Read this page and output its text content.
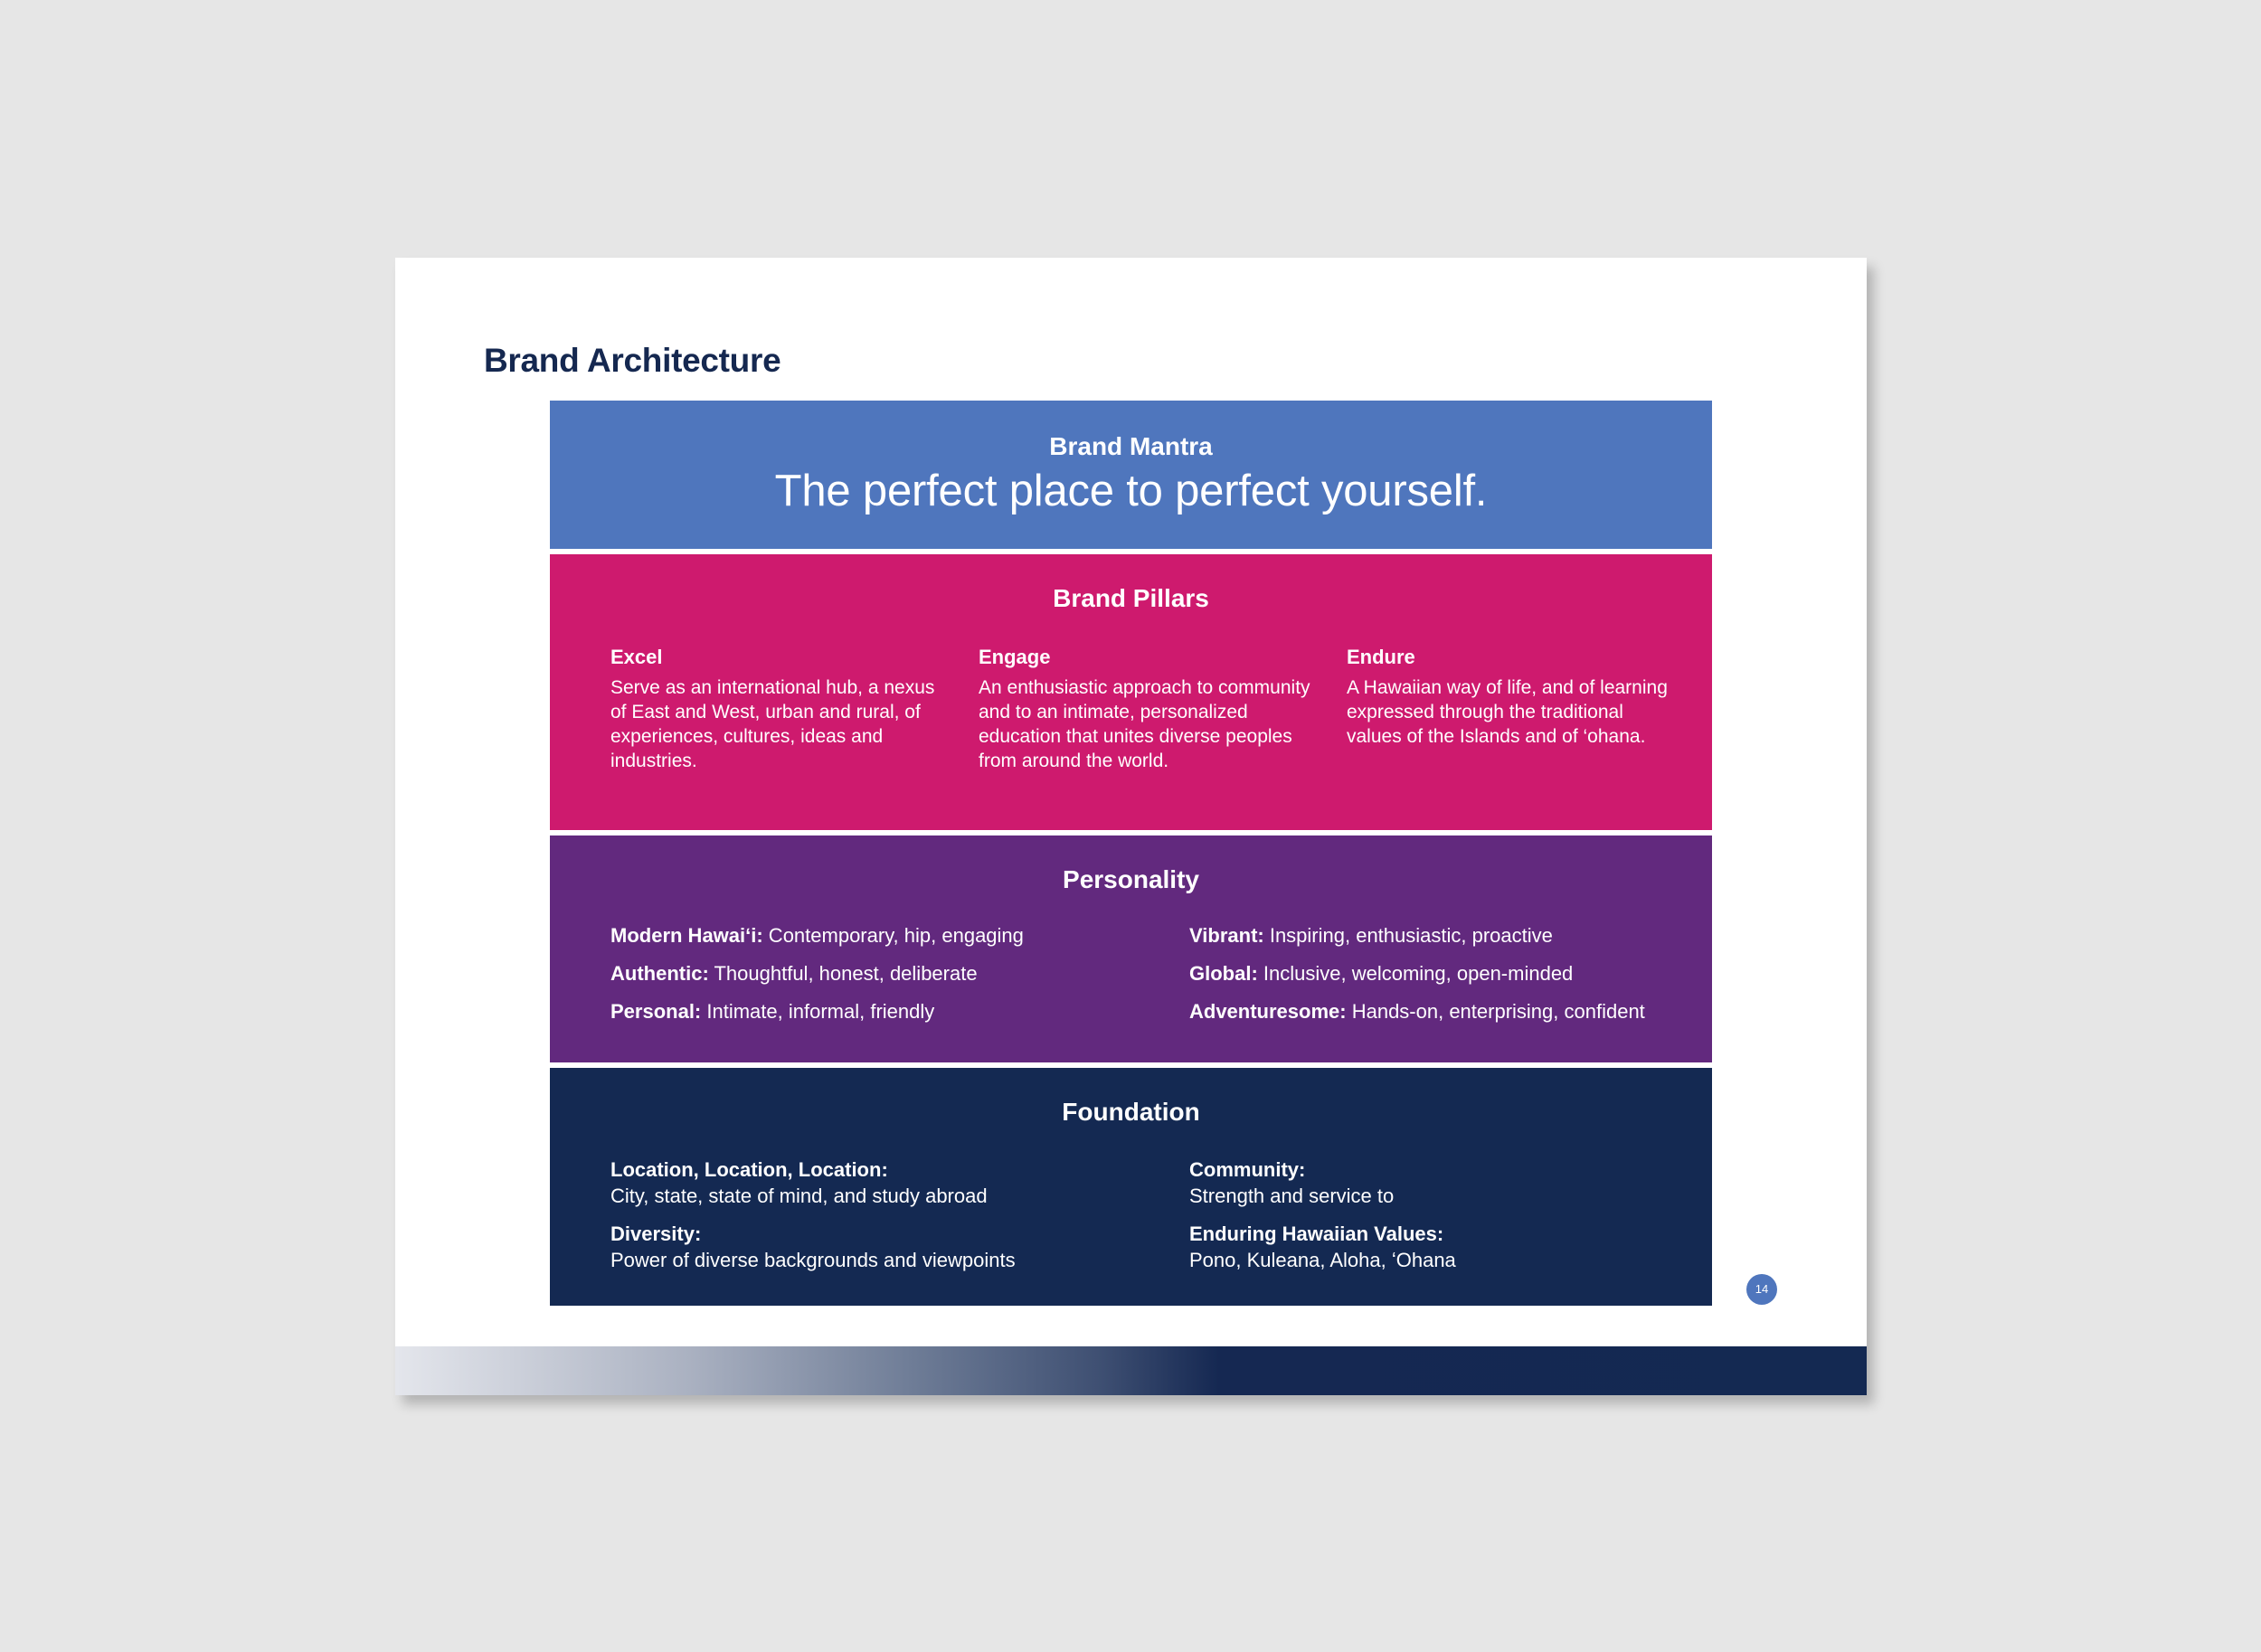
Brand Architecture
Brand Mantra

The perfect place to perfect yourself.

Brand Pillars
Excel

Serve as an international hub, a nexus of East and West, urban and rural, of experiences, cultures, ideas and industries.

Engage

An enthusiastic approach to community and to an intimate, personalized education that unites diverse peoples from around the world.

Endure

A Hawaiian way of life, and of learning expressed through the traditional values of the Islands and of ‘ohana.

Personality
Modern Hawaiʻi: Contemporary, hip, engaging
Authentic: Thoughtful, honest, deliberate
Personal: Intimate, informal, friendly
Vibrant: Inspiring, enthusiastic, proactive
Global: Inclusive, welcoming, open-minded
Adventuresome: Hands-on, enterprising, confident
Foundation
Location, Location, Location:
City, state, state of mind, and study abroad
Diversity:
Power of diverse backgrounds and viewpoints
Community:
Strength and service to
Enduring Hawaiian Values:
Pono, Kuleana, Aloha, ʻOhana
14
